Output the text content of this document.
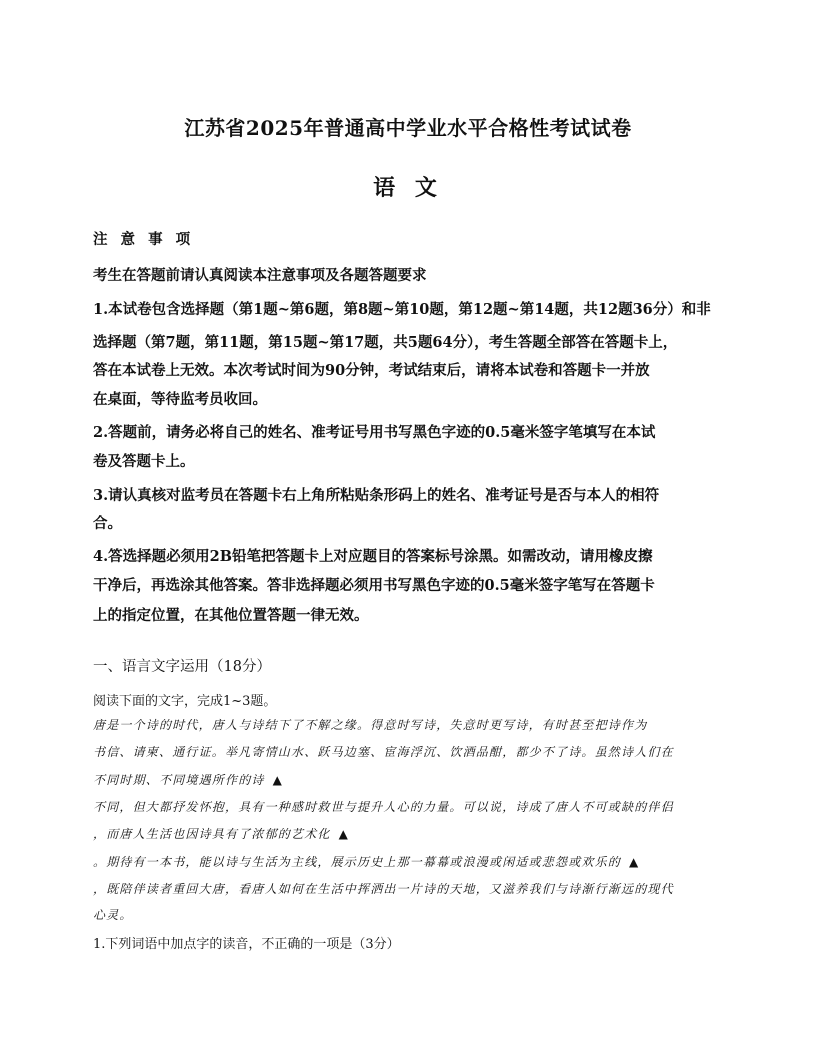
江苏省2025年普通高中学业水平合格性考试试卷
语 文
注 意 事 项
考生在答题前请认真阅读本注意事项及各题答题要求
1.本试卷包含选择题（第1题~第6题，第8题~第10题，第12题~第14题，共12题36分）和非
选择题（第7题，第11题，第15题~第17题，共5题64分），考生答题全部答在答题卡上，
答在本试卷上无效。本次考试时间为90分钟，考试结束后，请将本试卷和答题卡一并放
在桌面，等待监考员收回。
2.答题前，请务必将自己的姓名、准考证号用书写黑色字迹的0.5毫米签字笔填写在本试
卷及答题卡上。
3.请认真核对监考员在答题卡右上角所粘贴条形码上的姓名、准考证号是否与本人的相符
合。
4.答选择题必须用2B铅笔把答题卡上对应题目的答案标号涂黑。如需改动，请用橡皮擦
干净后，再选涂其他答案。答非选择题必须用书写黑色字迹的0.5毫米签字笔写在答题卡
上的指定位置，在其他位置答题一律无效。
一、语言文字运用（18分）
阅读下面的文字，完成1~3题。
唐是一个诗的时代，唐人与诗结下了不解之缘。得意时写诗，失意时更写诗，有时甚至把诗作为
书信、请柬、通行证。举凡寄情山水、跃马边塞、宦海浮沉、饮酒品酣，都少不了诗。虽然诗人们在
不同时期、不同境遇所作的诗 ▲
不同，但大都抒发怀抱，具有一种感时救世与提升人心的力量。可以说，诗成了唐人不可或缺的伴侣
，而唐人生活也因诗具有了浓郁的艺术化 ▲
。期待有一本书，能以诗与生活为主线，展示历史上那一幕幕或浪漫或闲适或悲怨或欢乐的 ▲
，既陪伴读者重回大唐，看唐人如何在生活中挥洒出一片诗的天地，又滋养我们与诗渐行渐远的现代
心灵。
1.下列词语中加点字的读音，不正确的一项是（3分）
